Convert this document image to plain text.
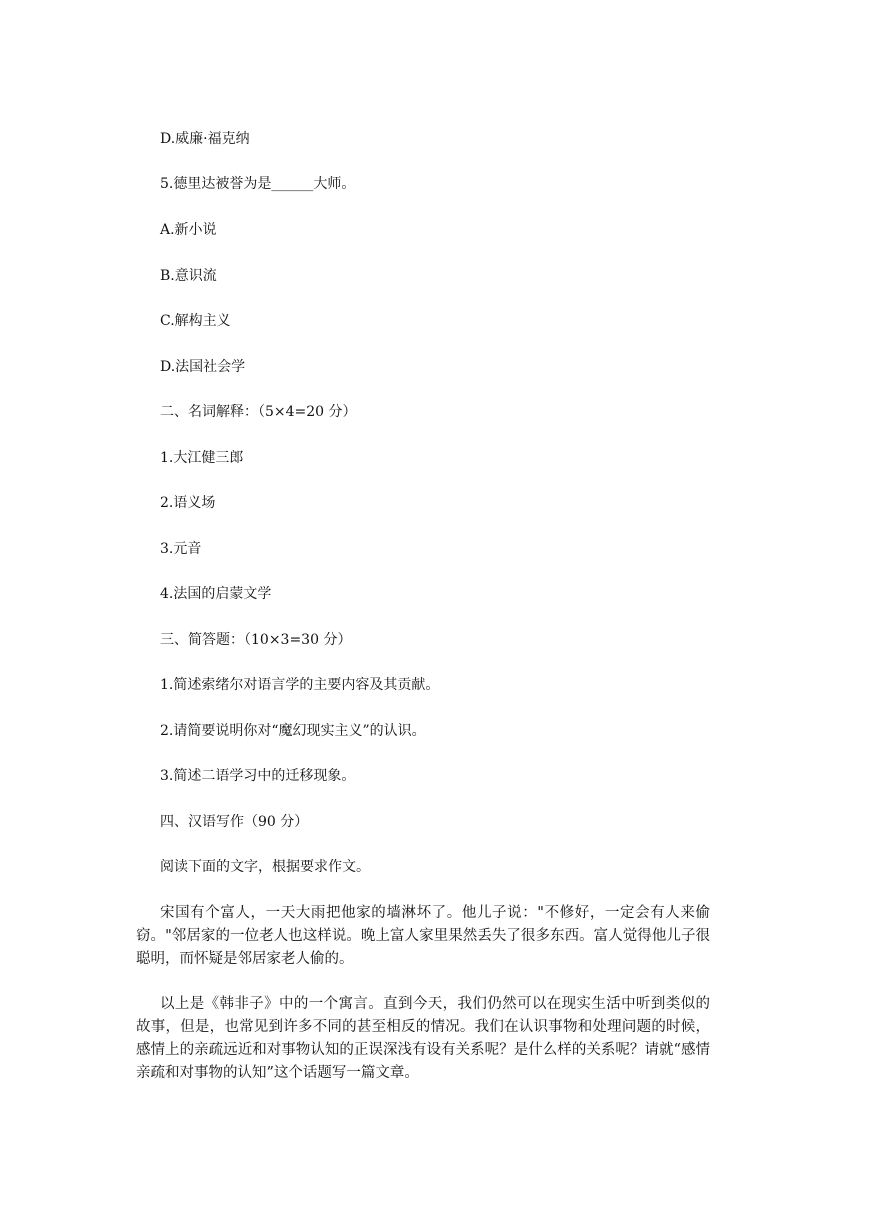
D.威廉·福克纳
5.德里达被誉为是______大师。
A.新小说
B.意识流
C.解构主义
D.法国社会学
二、名词解释：（5×4=20 分）
1.大江健三郎
2.语义场
3.元音
4.法国的启蒙文学
三、简答题：（10×3=30 分）
1.简述索绪尔对语言学的主要内容及其贡献。
2.请简要说明你对“魔幻现实主义”的认识。
3.简述二语学习中的迁移现象。
四、汉语写作（90 分）
阅读下面的文字，根据要求作文。
宋国有个富人，一天大雨把他家的墙淋坏了。他儿子说："不修好，一定会有人来偷窃。"邻居家的一位老人也这样说。晚上富人家里果然丢失了很多东西。富人觉得他儿子很聪明，而怀疑是邻居家老人偷的。
以上是《韩非子》中的一个寓言。直到今天，我们仍然可以在现实生活中听到类似的故事，但是，也常见到许多不同的甚至相反的情况。我们在认识事物和处理问题的时候，感情上的亲疏远近和对事物认知的正误深浅有设有关系呢？是什么样的关系呢？请就“感情亲疏和对事物的认知”这个话题写一篇文章。
